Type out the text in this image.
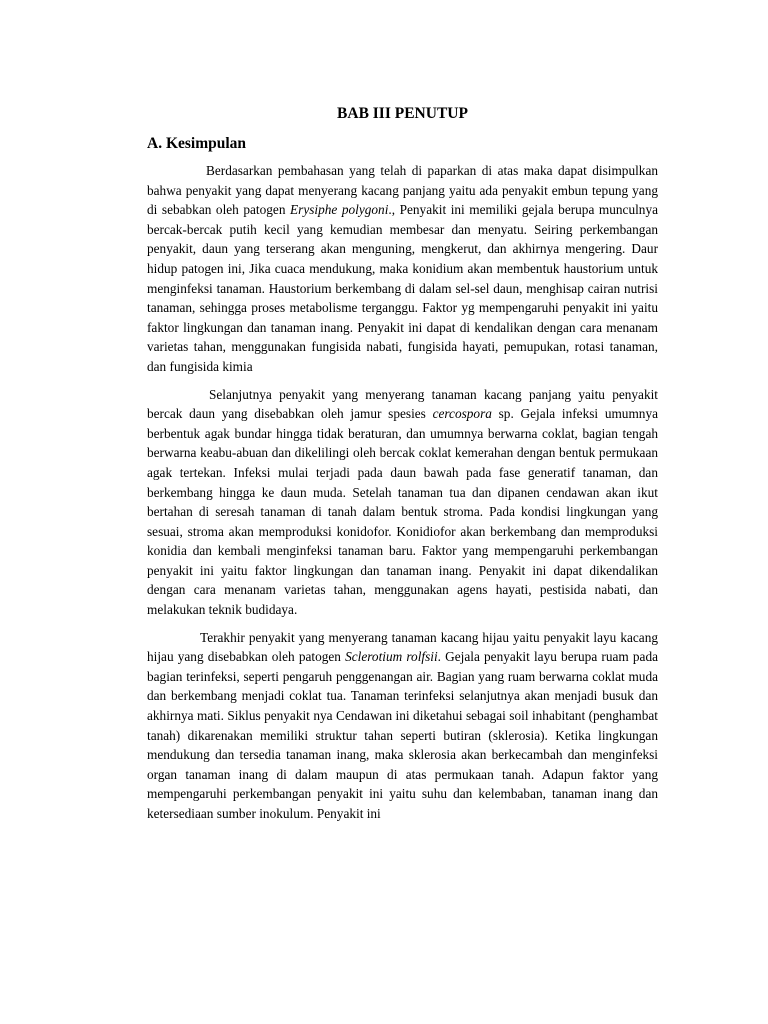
BAB III PENUTUP
A. Kesimpulan

Berdasarkan pembahasan yang telah di paparkan di atas maka dapat disimpulkan bahwa penyakit yang dapat menyerang kacang panjang yaitu ada penyakit embun tepung yang di sebabkan oleh patogen Erysiphe polygoni., Penyakit ini memiliki gejala berupa munculnya bercak-bercak putih kecil yang kemudian membesar dan menyatu. Seiring perkembangan penyakit, daun yang terserang akan menguning, mengkerut, dan akhirnya mengering. Daur hidup patogen ini, Jika cuaca mendukung, maka konidium akan membentuk haustorium untuk menginfeksi tanaman. Haustorium berkembang di dalam sel-sel daun, menghisap cairan nutrisi tanaman, sehingga proses metabolisme terganggu. Faktor yg mempengaruhi penyakit ini yaitu faktor lingkungan dan tanaman inang. Penyakit ini dapat di kendalikan dengan cara menanam varietas tahan, menggunakan fungisida nabati, fungisida hayati, pemupukan, rotasi tanaman, dan fungisida kimia

Selanjutnya penyakit yang menyerang tanaman kacang panjang yaitu penyakit bercak daun yang disebabkan oleh jamur spesies cercospora sp. Gejala infeksi umumnya berbentuk agak bundar hingga tidak beraturan, dan umumnya berwarna coklat, bagian tengah berwarna keabu-abuan dan dikelilingi oleh bercak coklat kemerahan dengan bentuk permukaan agak tertekan. Infeksi mulai terjadi pada daun bawah pada fase generatif tanaman, dan berkembang hingga ke daun muda. Setelah tanaman tua dan dipanen cendawan akan ikut bertahan di seresah tanaman di tanah dalam bentuk stroma. Pada kondisi lingkungan yang sesuai, stroma akan memproduksi konidofor. Konidiofor akan berkembang dan memproduksi konidia dan kembali menginfeksi tanaman baru. Faktor yang mempengaruhi perkembangan penyakit ini yaitu faktor lingkungan dan tanaman inang. Penyakit ini dapat dikendalikan dengan cara menanam varietas tahan, menggunakan agens hayati, pestisida nabati, dan melakukan teknik budidaya.

Terakhir penyakit yang menyerang tanaman kacang hijau yaitu penyakit layu kacang hijau yang disebabkan oleh patogen Sclerotium rolfsii. Gejala penyakit layu berupa ruam pada bagian terinfeksi, seperti pengaruh penggenangan air. Bagian yang ruam berwarna coklat muda dan berkembang menjadi coklat tua. Tanaman terinfeksi selanjutnya akan menjadi busuk dan akhirnya mati. Siklus penyakit nya Cendawan ini diketahui sebagai soil inhabitant (penghambat tanah) dikarenakan memiliki struktur tahan seperti butiran (sklerosia). Ketika lingkungan mendukung dan tersedia tanaman inang, maka sklerosia akan berkecambah dan menginfeksi organ tanaman inang di dalam maupun di atas permukaan tanah. Adapun faktor yang mempengaruhi perkembangan penyakit ini yaitu suhu dan kelembaban, tanaman inang dan ketersediaan sumber inokulum. Penyakit ini
